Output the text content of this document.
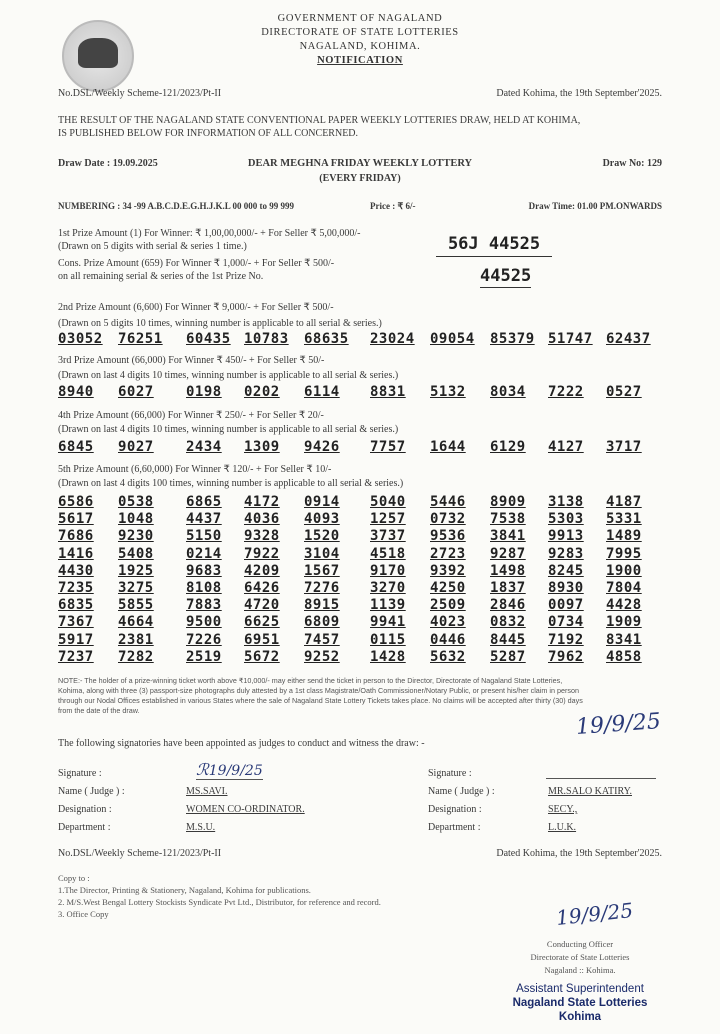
GOVERNMENT OF NAGALAND
DIRECTORATE OF STATE LOTTERIES
NAGALAND, KOHIMA.
NOTIFICATION
No.DSL/Weekly Scheme-121/2023/Pt-II	Dated Kohima, the 19th September'2025.
THE RESULT OF THE NAGALAND STATE CONVENTIONAL PAPER WEEKLY LOTTERIES DRAW, HELD AT KOHIMA,
IS PUBLISHED BELOW FOR INFORMATION OF ALL CONCERNED.
Draw Date : 19.09.2025	DEAR MEGHNA FRIDAY WEEKLY LOTTERY
(EVERY FRIDAY)
Draw No: 129
NUMBERING : 34 -99 A.B.C.D.E.G.H.J.K.L 00 000 to 99 999	Price : ₹ 6/-	Draw Time: 01.00 PM.ONWARDS
1st Prize Amount (1) For Winner: ₹ 1,00,00,000/- + For Seller ₹ 5,00,000/-
(Drawn on 5 digits with serial & series 1 time.)	56J 44525
Cons. Prize Amount (659) For Winner ₹ 1,000/- + For Seller ₹ 500/-
on all remaining serial & series of the 1st Prize No.	44525
2nd Prize Amount (6,600) For Winner ₹ 9,000/- + For Seller ₹ 500/-
(Drawn on 5 digits 10 times, winning number is applicable to all serial & series.)
03052 76251 60435 10783 68635 23024 09054 85379 51747 62437
3rd Prize Amount (66,000) For Winner ₹ 450/- + For Seller ₹ 50/-
(Drawn on last 4 digits 10 times, winning number is applicable to all serial & series.)
8940 6027 0198 0202 6114 8831 5132 8034 7222 0527
4th Prize Amount (66,000) For Winner ₹ 250/- + For Seller ₹ 20/-
(Drawn on last 4 digits 10 times, winning number is applicable to all serial & series.)
6845 9027 2434 1309 9426 7757 1644 6129 4127 3717
5th Prize Amount (6,60,000) For Winner ₹ 120/- + For Seller ₹ 10/-
(Drawn on last 4 digits 100 times, winning number is applicable to all serial & series.)
6586 0538 6865 4172 0914 5040 5446 8909 3138 4187
5617 1048 4437 4036 4093 1257 0732 7538 5303 5331
7686 9230 5150 9328 1520 3737 9536 3841 9913 1489
1416 5408 0214 7922 3104 4518 2723 9287 9283 7995
4430 1925 9683 4209 1567 9170 9392 1498 8245 1900
7235 3275 8108 6426 7276 3270 4250 1837 8930 7804
6835 5855 7883 4720 8915 1139 2509 2846 0097 4428
7367 4664 9500 6625 6809 9941 4023 0832 0734 1909
5917 2381 7226 6951 7457 0115 0446 8445 7192 8341
7237 7282 2519 5672 9252 1428 5632 5287 7962 4858
NOTE:- The holder of a prize-winning ticket worth above ₹10,000/- may either send the ticket in person to the Director, Directorate of Nagaland State Lotteries,
Kohima, along with three (3) passport-size photographs duly attested by a 1st class Magistrate/Oath Commissioner/Notary Public, or present his/her claim in person
through our Nodal Offices established in various States where the sale of Nagaland State Lottery Tickets takes place. No claims will be accepted after thirty (30) days
from the date of the draw.	19/9/25
The following signatories have been appointed as judges to conduct and witness the draw: -
Signature :	ℛ19/9/25
Name ( Judge ) :	MS.SAVI.
Designation :	WOMEN CO-ORDINATOR.
Department :	M.S.U.
Signature :
Name ( Judge ) :	MR.SALO KATIRY.
Designation :	SECY.,
Department :	L.U.K.
No.DSL/Weekly Scheme-121/2023/Pt-II	Dated Kohima, the 19th September'2025.
Copy to :
1.The Director, Printing & Stationery, Nagaland, Kohima for publications.
2. M/S.West Bengal Lottery Stockists Syndicate Pvt Ltd., Distributor, for reference and record.
3. Office Copy	19/9/25
Conducting Officer
Directorate of State Lotteries
Nagaland :: Kohima.
Assistant Superintendent
Nagaland State Lotteries
Kohima
